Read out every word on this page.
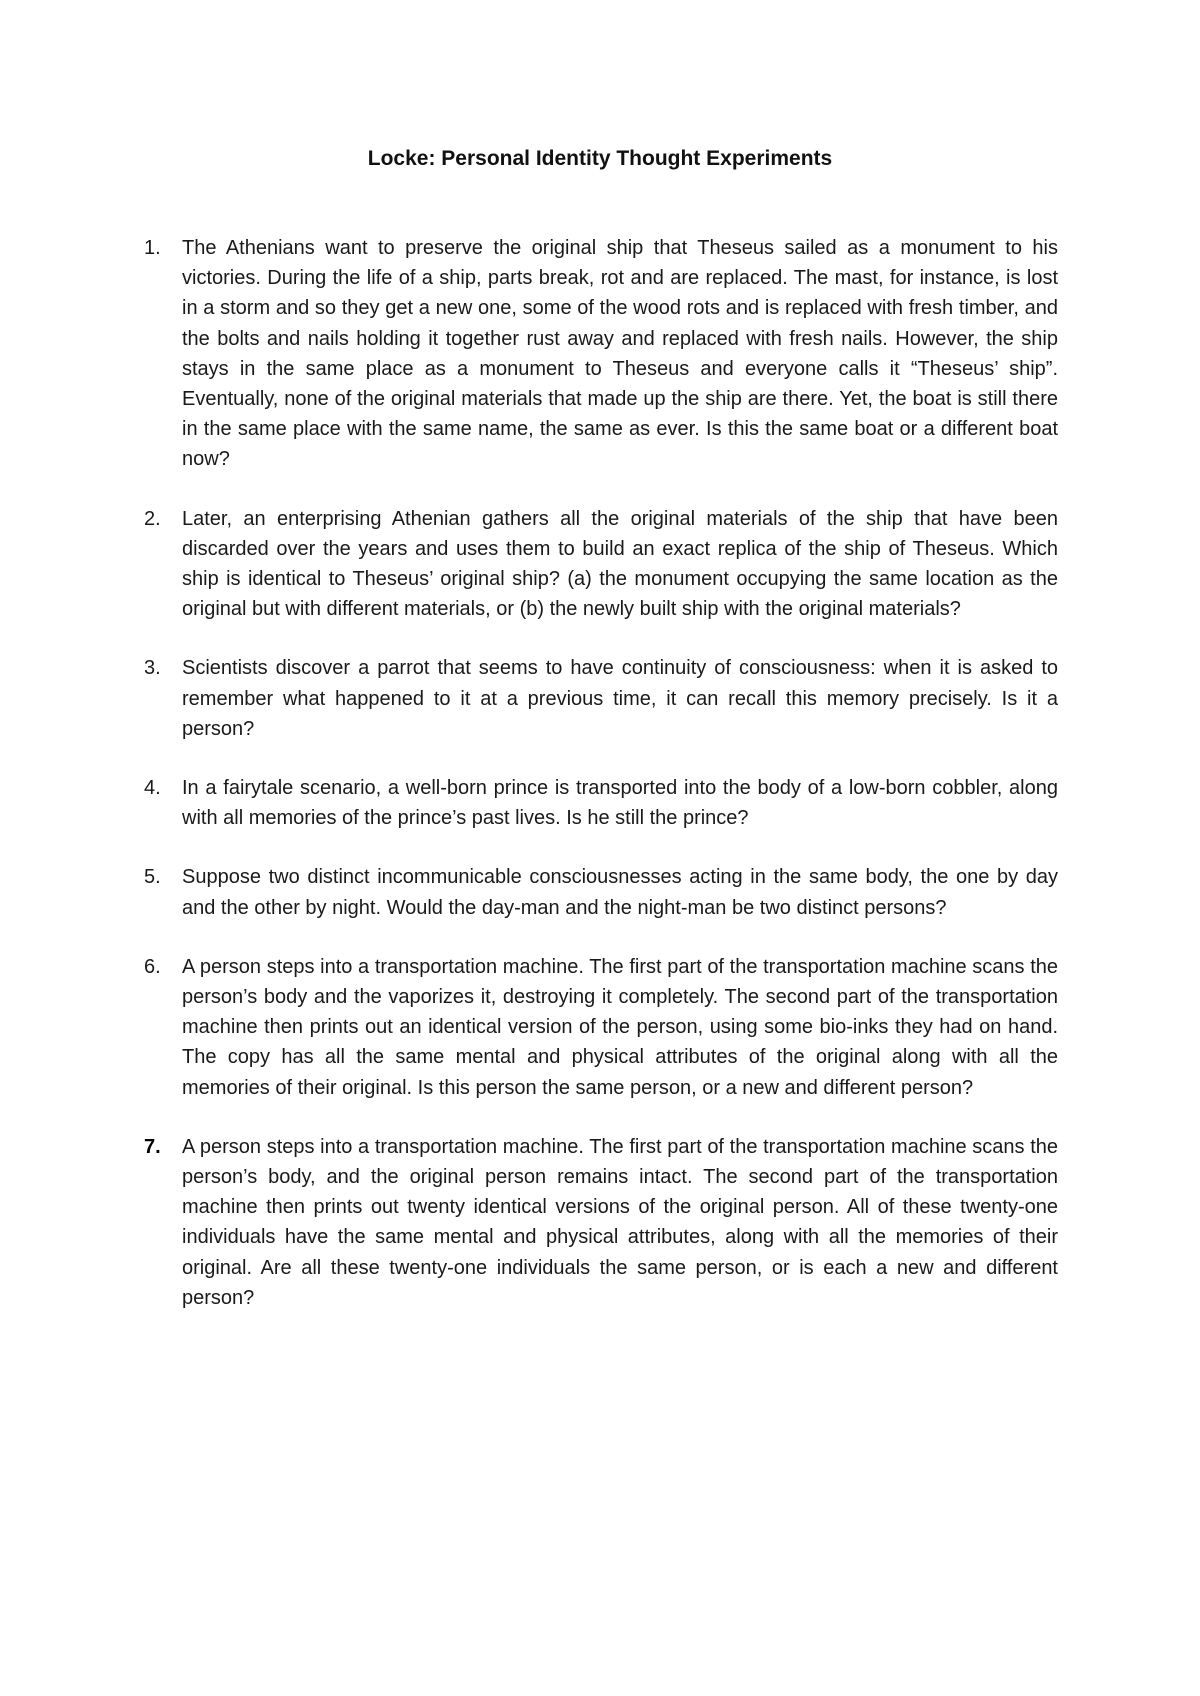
Locke: Personal Identity Thought Experiments
1.	The Athenians want to preserve the original ship that Theseus sailed as a monument to his victories. During the life of a ship, parts break, rot and are replaced. The mast, for instance, is lost in a storm and so they get a new one, some of the wood rots and is replaced with fresh timber, and the bolts and nails holding it together rust away and replaced with fresh nails. However, the ship stays in the same place as a monument to Theseus and everyone calls it “Theseus’ ship”. Eventually, none of the original materials that made up the ship are there. Yet, the boat is still there in the same place with the same name, the same as ever. Is this the same boat or a different boat now?
2.	Later, an enterprising Athenian gathers all the original materials of the ship that have been discarded over the years and uses them to build an exact replica of the ship of Theseus. Which ship is identical to Theseus’ original ship? (a) the monument occupying the same location as the original but with different materials, or (b) the newly built ship with the original materials?
3.	Scientists discover a parrot that seems to have continuity of consciousness: when it is asked to remember what happened to it at a previous time, it can recall this memory precisely. Is it a person?
4.	In a fairytale scenario, a well-born prince is transported into the body of a low-born cobbler, along with all memories of the prince’s past lives. Is he still the prince?
5.	Suppose two distinct incommunicable consciousnesses acting in the same body, the one by day and the other by night. Would the day-man and the night-man be two distinct persons?
6.	A person steps into a transportation machine. The first part of the transportation machine scans the person’s body and the vaporizes it, destroying it completely. The second part of the transportation machine then prints out an identical version of the person, using some bio-inks they had on hand. The copy has all the same mental and physical attributes of the original along with all the memories of their original. Is this person the same person, or a new and different person?
7.	A person steps into a transportation machine. The first part of the transportation machine scans the person’s body, and the original person remains intact. The second part of the transportation machine then prints out twenty identical versions of the original person. All of these twenty-one individuals have the same mental and physical attributes, along with all the memories of their original. Are all these twenty-one individuals the same person, or is each a new and different person?
